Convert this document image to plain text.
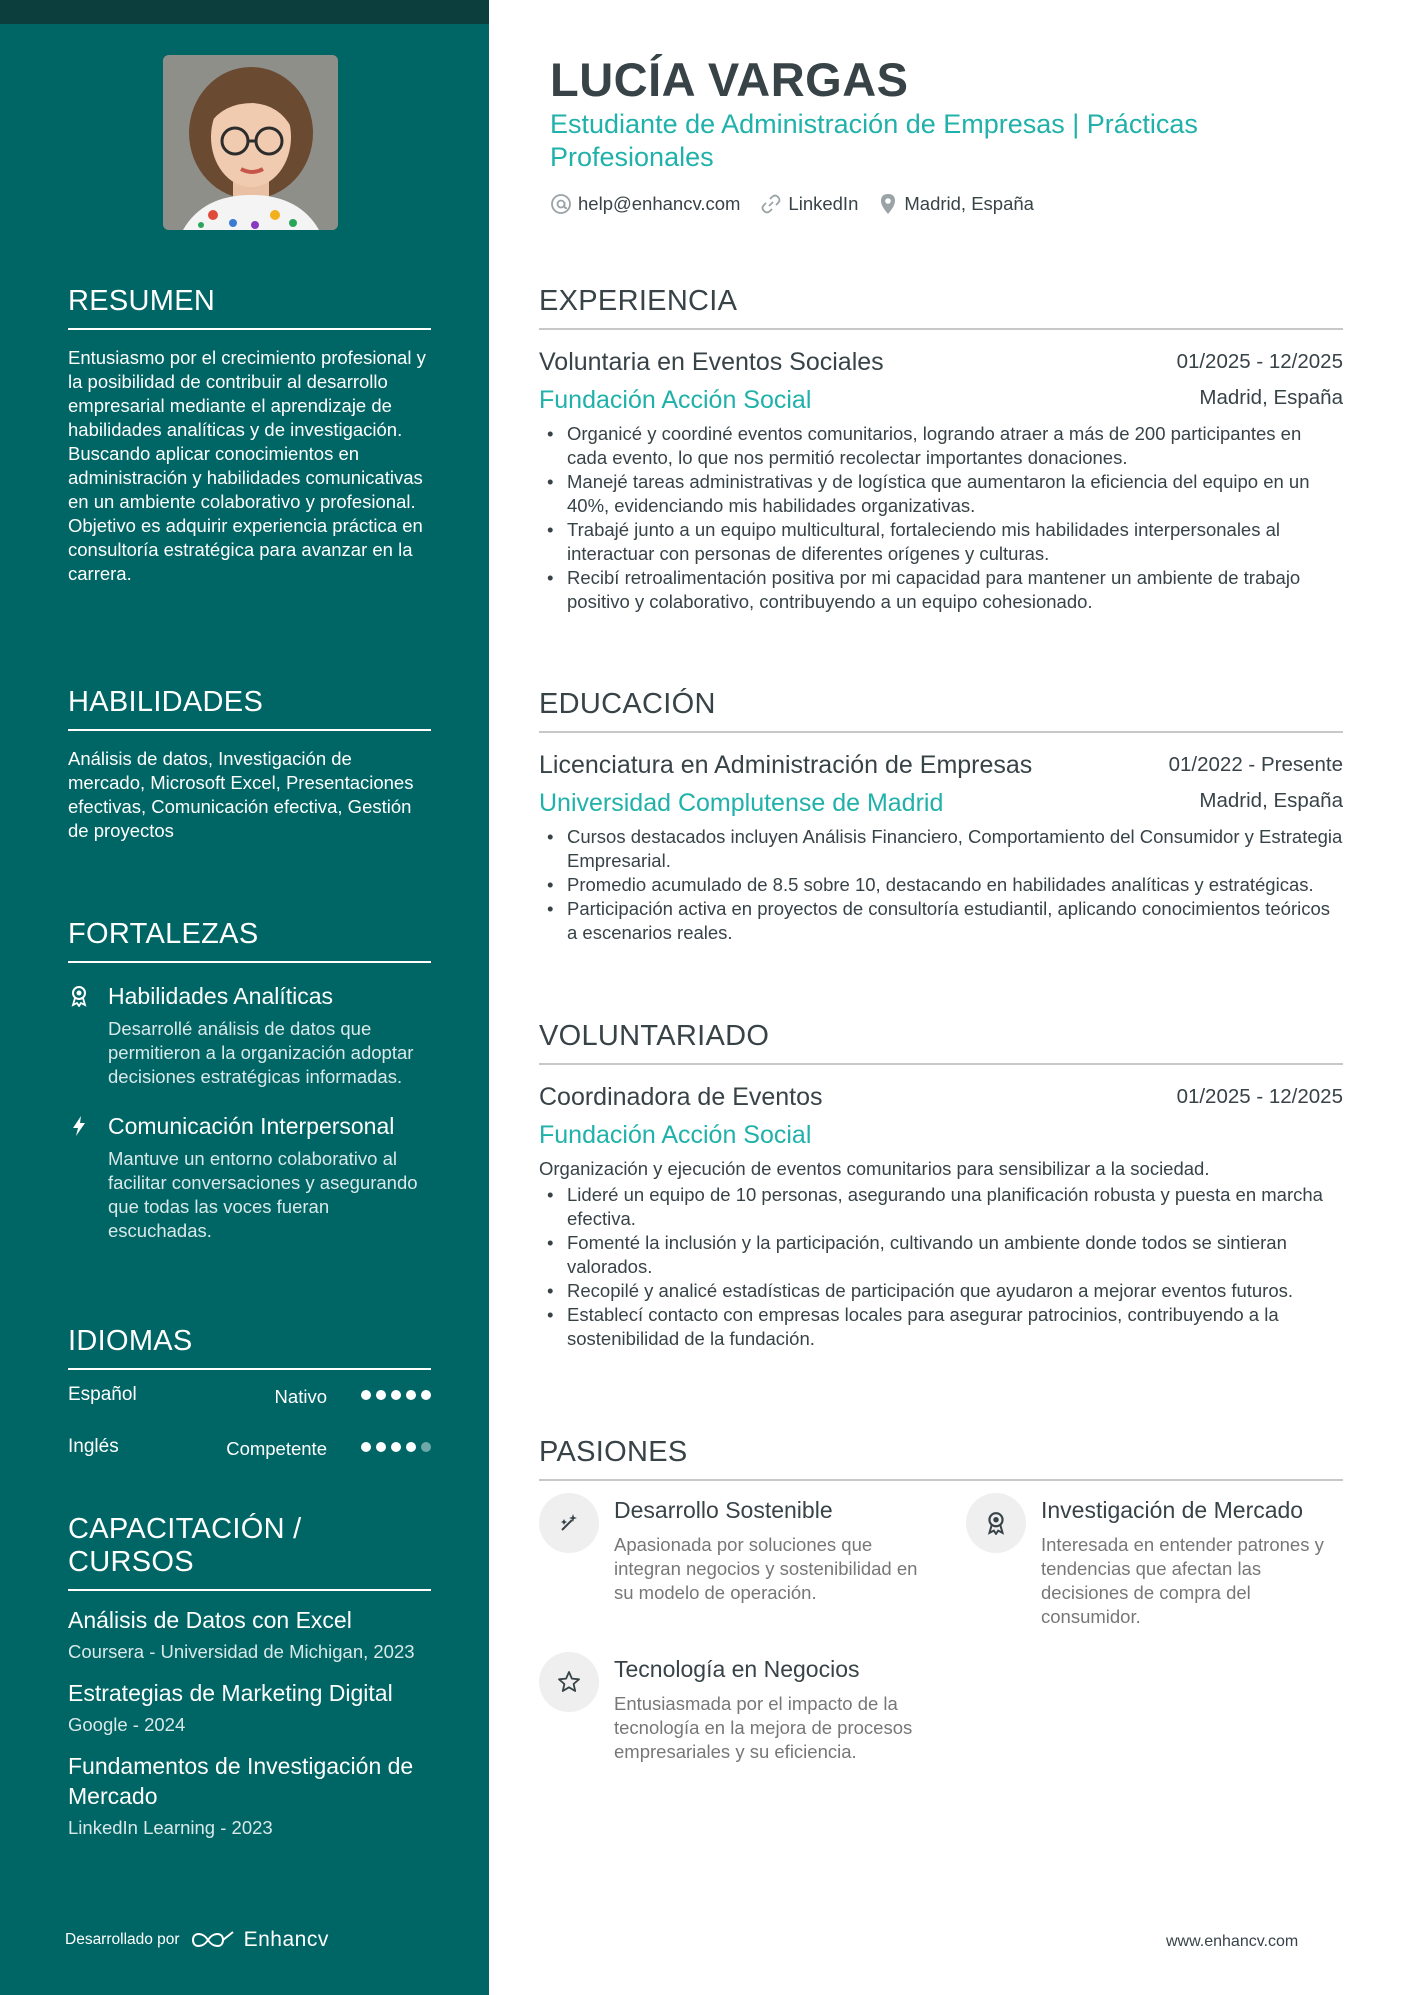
RESUMEN
Entusiasmo por el crecimiento profesional y la posibilidad de contribuir al desarrollo empresarial mediante el aprendizaje de habilidades analíticas y de investigación. Buscando aplicar conocimientos en administración y habilidades comunicativas en un ambiente colaborativo y profesional. Objetivo es adquirir experiencia práctica en consultoría estratégica para avanzar en la carrera.
HABILIDADES
Análisis de datos, Investigación de mercado, Microsoft Excel, Presentaciones efectivas, Comunicación efectiva, Gestión de proyectos
FORTALEZAS
Habilidades Analíticas
Desarrollé análisis de datos que permitieron a la organización adoptar decisiones estratégicas informadas.
Comunicación Interpersonal
Mantuve un entorno colaborativo al facilitar conversaciones y asegurando que todas las voces fueran escuchadas.
IDIOMAS
Español	Nativo
Inglés	Competente
CAPACITACIÓN / CURSOS
Análisis de Datos con Excel
Coursera - Universidad de Michigan, 2023
Estrategias de Marketing Digital
Google - 2024
Fundamentos de Investigación de Mercado
LinkedIn Learning - 2023
Desarrollado por	Enhancv
LUCÍA VARGAS
Estudiante de Administración de Empresas | Prácticas Profesionales
help@enhancv.com	LinkedIn Madrid, España
EXPERIENCIA
Voluntaria en Eventos Sociales	01/2025 - 12/2025
Fundación Acción Social	Madrid, España
• Organicé y coordiné eventos comunitarios, logrando atraer a más de 200 participantes en cada evento, lo que nos permitió recolectar importantes donaciones.
• Manejé tareas administrativas y de logística que aumentaron la eficiencia del equipo en un 40%, evidenciando mis habilidades organizativas.
• Trabajé junto a un equipo multicultural, fortaleciendo mis habilidades interpersonales al interactuar con personas de diferentes orígenes y culturas.
• Recibí retroalimentación positiva por mi capacidad para mantener un ambiente de trabajo positivo y colaborativo, contribuyendo a un equipo cohesionado.
EDUCACIÓN
Licenciatura en Administración de Empresas	01/2022 - Presente
Universidad Complutense de Madrid	Madrid, España
• Cursos destacados incluyen Análisis Financiero, Comportamiento del Consumidor y Estrategia Empresarial.
• Promedio acumulado de 8.5 sobre 10, destacando en habilidades analíticas y estratégicas.
• Participación activa en proyectos de consultoría estudiantil, aplicando conocimientos teóricos a escenarios reales.
VOLUNTARIADO
Coordinadora de Eventos	01/2025 - 12/2025
Fundación Acción Social
Organización y ejecución de eventos comunitarios para sensibilizar a la sociedad.
• Lideré un equipo de 10 personas, asegurando una planificación robusta y puesta en marcha efectiva.
• Fomenté la inclusión y la participación, cultivando un ambiente donde todos se sintieran valorados.
• Recopilé y analicé estadísticas de participación que ayudaron a mejorar eventos futuros.
• Establecí contacto con empresas locales para asegurar patrocinios, contribuyendo a la sostenibilidad de la fundación.
PASIONES
Desarrollo Sostenible
Apasionada por soluciones que integran negocios y sostenibilidad en su modelo de operación.
Investigación de Mercado
Interesada en entender patrones y tendencias que afectan las decisiones de compra del consumidor.
Tecnología en Negocios
Entusiasmada por el impacto de la tecnología en la mejora de procesos empresariales y su eficiencia.
www.enhancv.com
